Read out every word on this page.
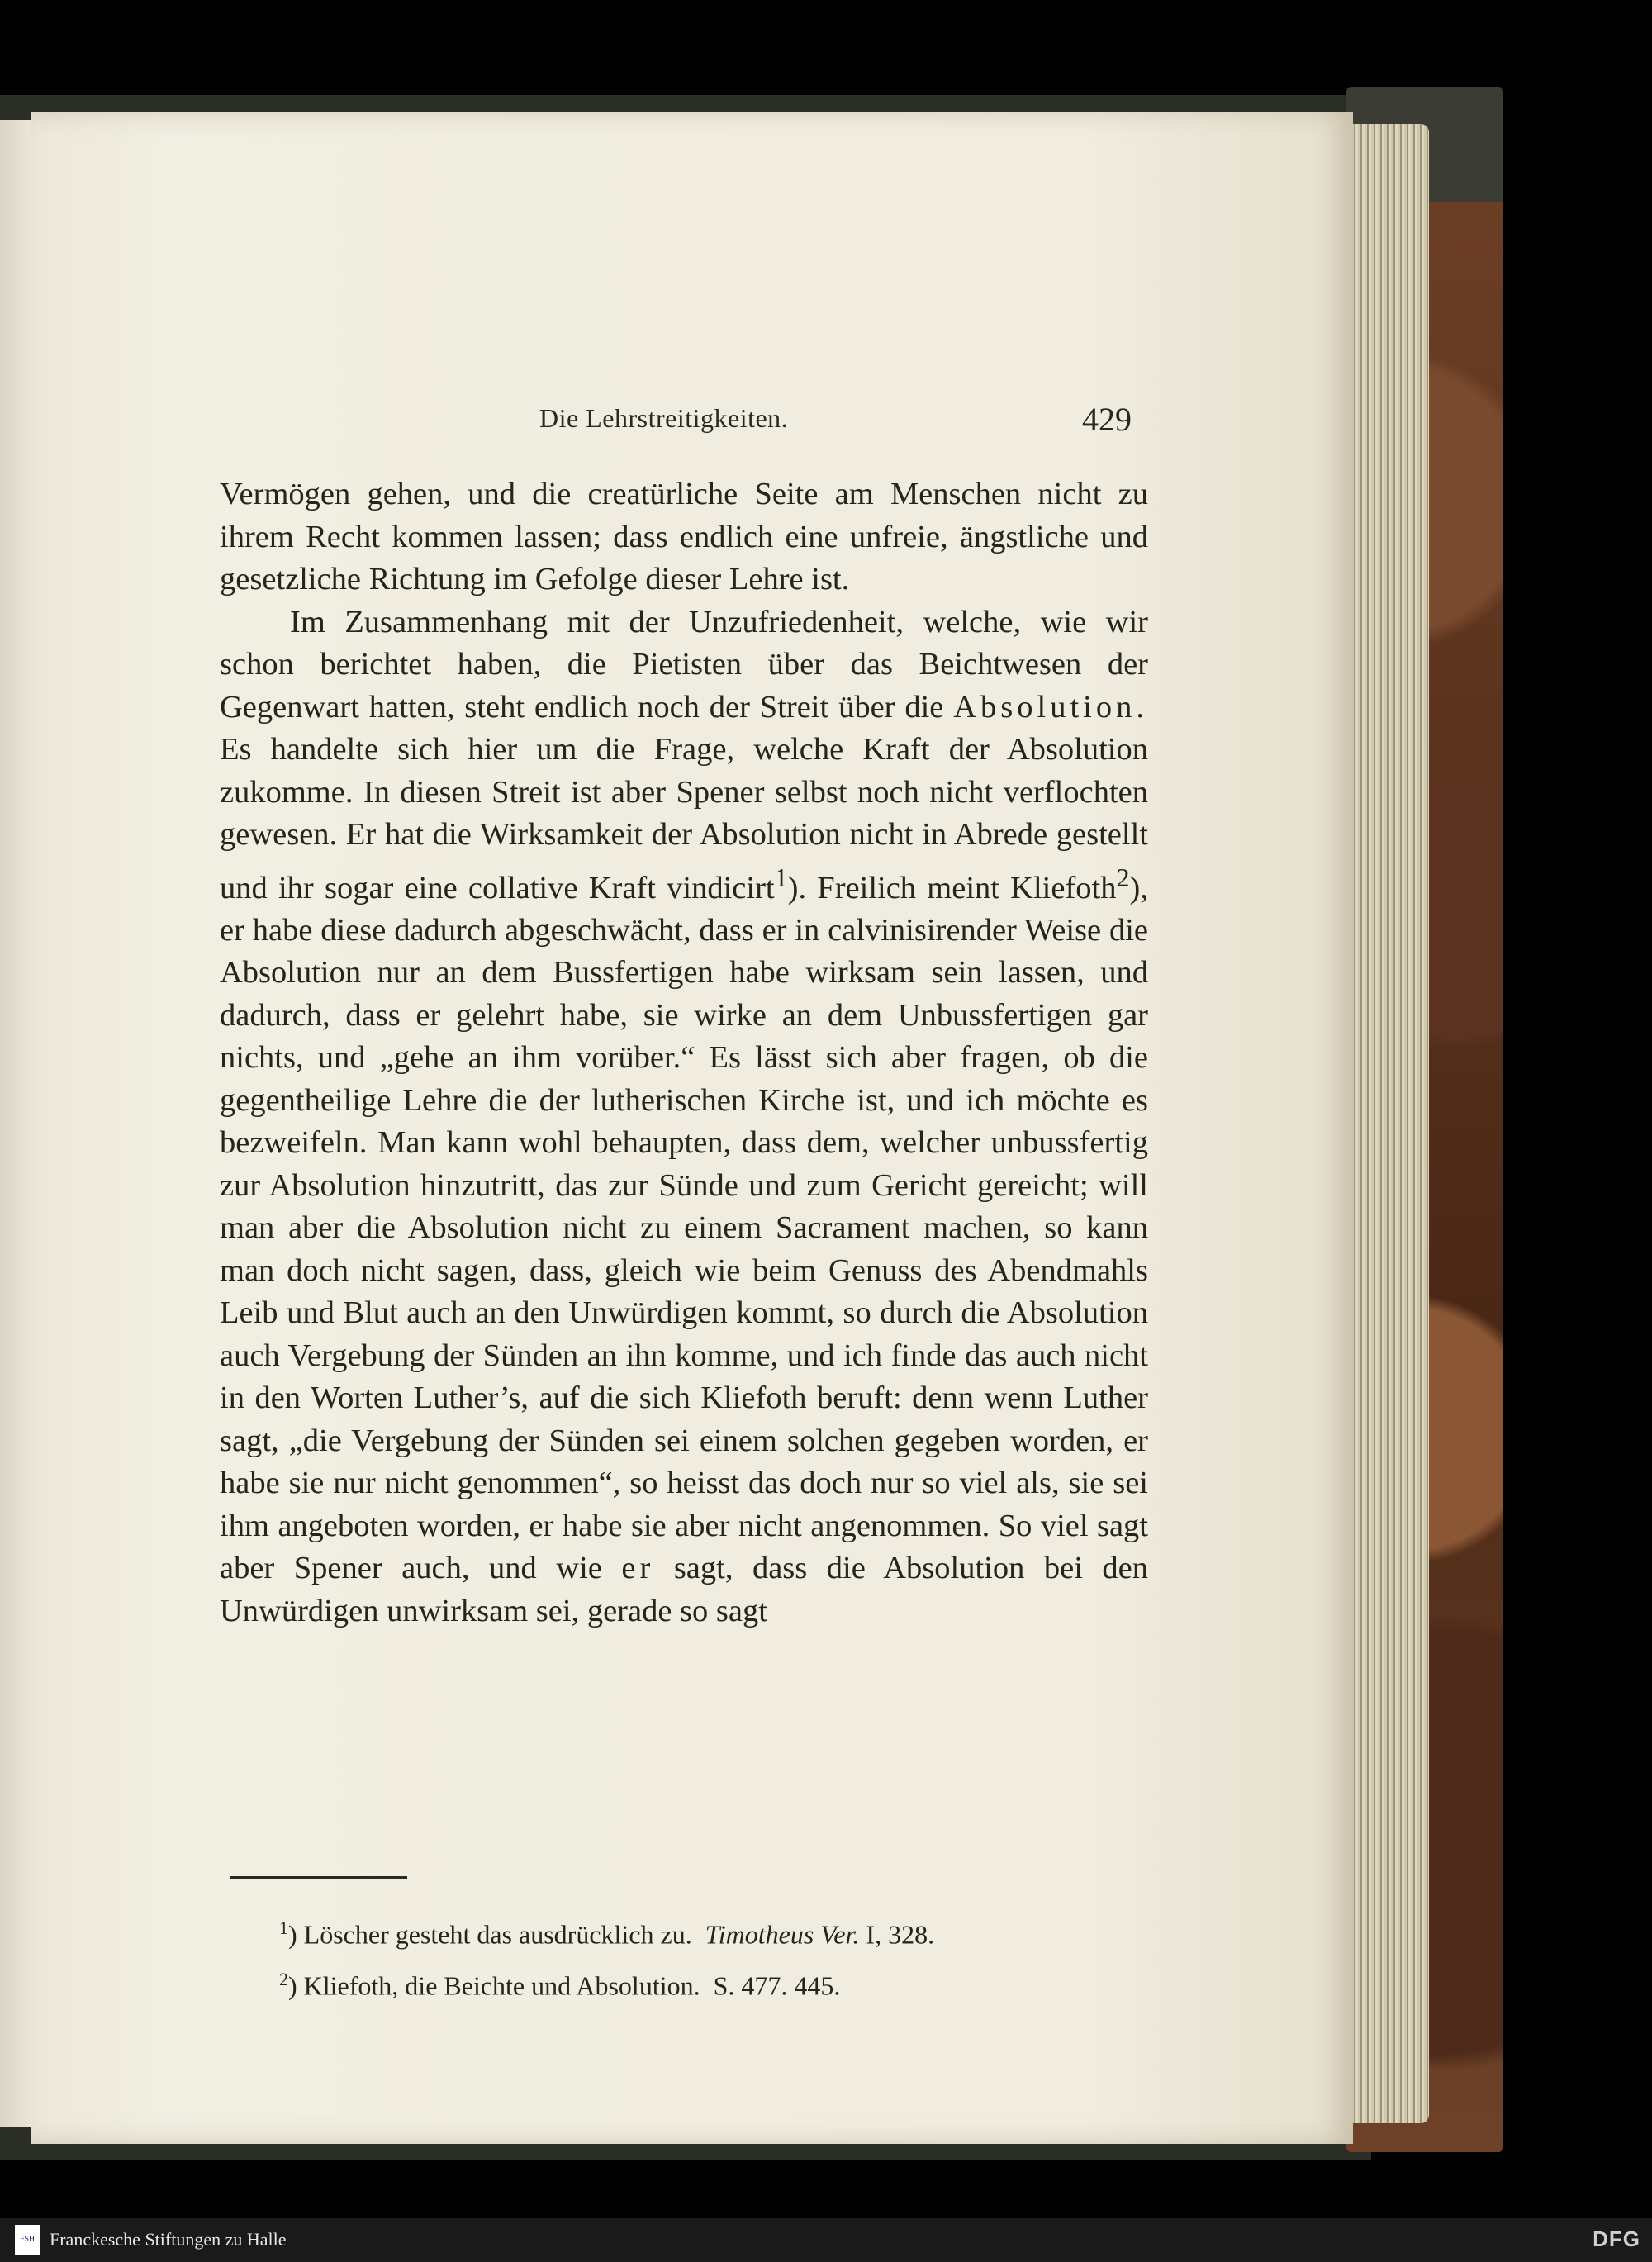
Die Lehrstreitigkeiten.	429

Vermögen gehen, und die creatürliche Seite am Menschen nicht zu ihrem Recht kommen lassen; dass endlich eine unfreie, ängstliche und gesetzliche Richtung im Gefolge dieser Lehre ist.

Im Zusammenhang mit der Unzufriedenheit, welche, wie wir schon berichtet haben, die Pietisten über das Beichtwesen der Gegenwart hatten, steht endlich noch der Streit über die Absolution. Es handelte sich hier um die Frage, welche Kraft der Absolution zukomme. In diesen Streit ist aber Spener selbst noch nicht verflochten gewesen. Er hat die Wirksamkeit der Absolution nicht in Abrede gestellt und ihr sogar eine collative Kraft vindicirt$^1$). Freilich meint Kliefoth$^2$), er habe diese dadurch abgeschwächt, dass er in calvinisirender Weise die Absolution nur an dem Bussfertigen habe wirksam sein lassen, und dadurch, dass er gelehrt habe, sie wirke an dem Unbussfertigen gar nichts, und „gehe an ihm vorüber.“ Es lässt sich aber fragen, ob die gegentheilige Lehre die der lutherischen Kirche ist, und ich möchte es bezweifeln. Man kann wohl behaupten, dass dem, welcher unbussfertig zur Absolution hinzutritt, das zur Sünde und zum Gericht gereicht; will man aber die Absolution nicht zu einem Sacrament machen, so kann man doch nicht sagen, dass, gleich wie beim Genuss des Abendmahls Leib und Blut auch an den Unwürdigen kommt, so durch die Absolution auch Vergebung der Sünden an ihn komme, und ich finde das auch nicht in den Worten Luther’s, auf die sich Kliefoth beruft: denn wenn Luther sagt, „die Vergebung der Sünden sei einem solchen gegeben worden, er habe sie nur nicht genommen“, so heisst das doch nur so viel als, sie sei ihm angeboten worden, er habe sie aber nicht angenommen. So viel sagt aber Spener auch, und wie er sagt, dass die Absolution bei den Unwürdigen unwirksam sei, gerade so sagt

$^1$) Löscher gesteht das ausdrücklich zu. Timotheus Ver. I, 328.
$^2$) Kliefoth, die Beichte und Absolution. S. 477. 445.
FSH Franckesche Stiftungen zu Halle	DFG
